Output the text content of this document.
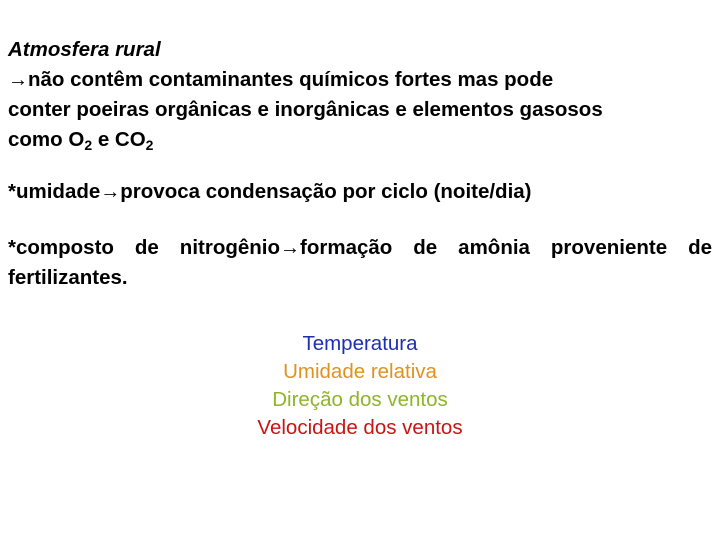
Atmosfera rural
→não contêm contaminantes químicos fortes mas pode
conter poeiras orgânicas e inorgânicas e elementos gasosos
como $O_2$ e $CO_2$
*umidade→provoca condensação por ciclo (noite/dia)
*composto de nitrogênio→formação de amônia proveniente de fertilizantes.
Temperatura
Umidade relativa
Direção dos ventos
Velocidade dos ventos
